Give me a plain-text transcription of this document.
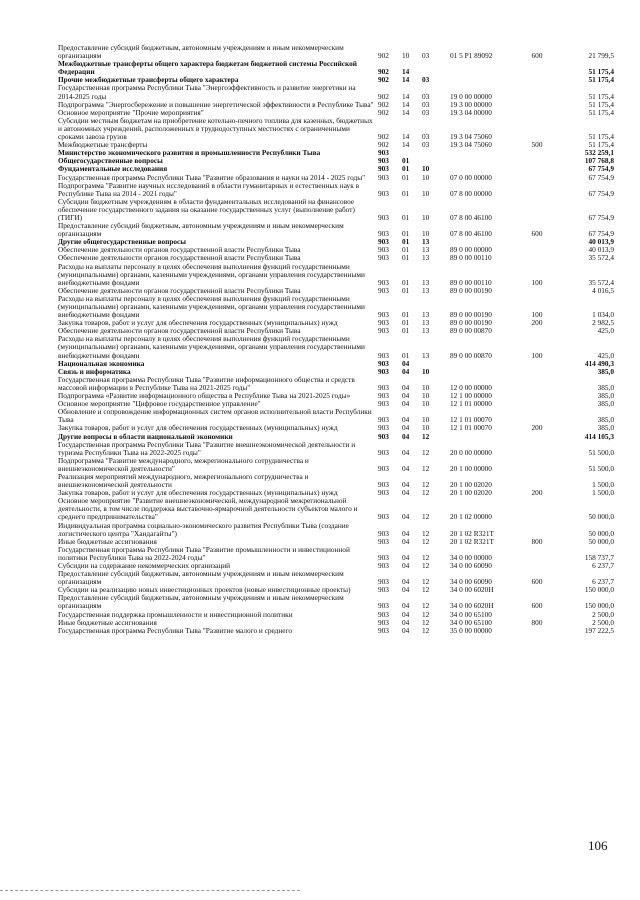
Предоставление субсидий бюджетным, автономным учреждениям и иным некоммерческим организациям	902	10	03	01 5 P1 89092	600	21 799,5
Межбюджетные трансферты общего характера бюджетам бюджетной системы Российской Федерации	902	14	51 175,4
Прочие межбюджетные трансферты общего характера	902	14	03	51 175,4
Государственная программа Республики Тыва "Энергоэффективность и развитие энергетики на 2014-2025 годы	902	14	03	19 0 00 00000	51 175,4
Подпрограмма "Энергосбережение и повышение энергетической эффективности в Республике Тыва" 902	14	03	19 3 00 00000	51 175,4
Основное мероприятие "Прочие мероприятия"	902	14	03	19 3 04 00000	51 175,4
Субсидии местным бюджетам на приобретение котельно-печного топлива для казенных, бюджетных и автономных учреждений, расположенных в труднодоступных местностях с ограниченными сроками завоза грузов	902	14	03	19 3 04 75060	51 175,4
Межбюджетные трансферты	902	14	03	19 3 04 75060	500	51 175,4
Министерство экономического развития и промышленности Республики Тыва	903	532 259,1
Общегосударственные вопросы	903	01	107 768,8
Фундаментальные исследования	903	01	10	67 754,9
Государственная программа Республики Тыва "Развитие образования и науки на 2014 - 2025 годы"	903	01	10	07 0 00 00000	67 754,9
Подпрограмма "Развитие научных исследований в области гуманитарных и естественных наук в Республике Тыва на 2014 - 2021 годы"	903	01	10	07 8 00 00000	67 754,9
Субсидии бюджетным учреждениям в области фундаментальных исследований на финансовое обеспечение государственного задания на оказание государственных услуг (выполнение работ) (ТИГИ)	903	01	10	07 8 00 46100	67 754,9
Предоставление субсидий бюджетным, автономным учреждениям и иным некоммерческим организациям	903	01	10	07 8 00 46100	600	67 754,9
Другие общегосударственные вопросы	903	01	13	40 013,9
Обеспечение деятельности органов государственной власти Республики Тыва	903	01	13	89 0 00 00000	40 013,9
Обеспечение деятельности органов государственной власти Республики Тыва	903	01	13	89 0 00 00110	35 572,4
Расходы на выплаты персоналу в целях обеспечения выполнения функций государственными (муниципальными) органами, казенными учреждениями, органами управления государственными внебюджетными фондами	903	01	13	89 0 00 00110	100	35 572,4
Обеспечение деятельности органов государственной власти Республики Тыва	903	01	13	89 0 00 00190	4 016,5
Расходы на выплаты персоналу в целях обеспечения выполнения функций государственными (муниципальными) органами, казенными учреждениями, органами управления государственными внебюджетными фондами	903	01	13	89 0 00 00190	100	1 034,0
Закупка товаров, работ и услуг для обеспечения государственных (муниципальных) нужд	903	01	13	89 0 00 00190	200	2 982,5
Обеспечение деятельности органов государственной власти Республики Тыва	903	01	13	89 0 00 00870	425,0
Расходы на выплаты персоналу в целях обеспечения выполнения функций государственными (муниципальными) органами, казенными учреждениями, органами управления государственными внебюджетными фондами	903	01	13	89 0 00 00870	100	425,0
Национальная экономика	903	04	414 490,3
Связь и информатика	903	04	10	385,0
Государственная программа Республики Тыва "Развитие информационного общества и средств массовой информации в Республике Тыва на 2021-2025 годы"	903	04	10	12 0 00 00000	385,0
Подпрограмма «Развитие информационного общества в Республике Тыва на 2021-2025 годы»	903	04	10	12 1 00 00000	385,0
Основное мероприятие "Цифровое государственное управление"	903	04	10	12 1 01 00000	385,0
Обновление и сопровождение информационных систем органов исполнительной власти Республики Тыва	903	04	10	12 1 01 00070	385,0
Закупка товаров, работ и услуг для обеспечения государственных (муниципальных) нужд	903	04	10	12 1 01 00070	200	385,0
Другие вопросы в области национальной экономики	903	04	12	414 105,3
Государственная программа Республики Тыва "Развитие внешнеэкономической деятельности и туризма Республики Тыва на 2022-2025 годы"	903	04	12	20 0 00 00000	51 500,0
Подпрограмма "Развитие международного, межрегионального сотрудничества и внешнеэкономической деятельности"	903	04	12	20 1 00 00000	51 500,0
Реализация мероприятий международного, межрегионального сотрудничества и внешнеэкономической деятельности	903	04	12	20 1 00 02020	1 500,0
Закупка товаров, работ и услуг для обеспечения государственных (муниципальных) нужд	903	04	12	20 1 00 02020	200	1 500,0
Основное мероприятие "Развитие внешнеэкономической, международной межрегиональной деятельности, в том числе поддержка выставочно-ярмарочной деятельности субъектов малого и среднего предпринимательства"	903	04	12	20 1 02 00000	50 000,0
Индивидуальная программа социально-экономического развития Республики Тыва (создание логистического центра "Хандагайты")	903	04	12	20 1 02 R321Т	50 000,0
Иные бюджетные ассигнования	903	04	12	20 1 02 R321Т	800	50 000,0
Государственная программа Республики Тыва "Развитие промышленности и инвестиционной политики Республики Тыва на 2022-2024 годы"	903	04	12	34 0 00 00000	158 737,7
Субсидии на содержание некоммерческих организаций	903	04	12	34 0 00 60090	6 237,7
Предоставление субсидий бюджетным, автономным учреждениям и иным некоммерческим организациям	903	04	12	34 0 00 60090	600	6 237,7
Субсидии на реализацию новых инвестиционных проектов (новые инвестиционные проекты)	903	04	12	34 0 00 6020Н	150 000,0
Предоставление субсидий бюджетным, автономным учреждениям и иным некоммерческим организациям	903	04	12	34 0 00 6020Н	600	150 000,0
Государственная поддержка промышленности и инвестиционной политики	903	04	12	34 0 00 65100	2 500,0
Иные бюджетные ассигнования	903	04	12	34 0 00 65100	800	2 500,0
Государственная программа Республики Тыва "Развитие малого и среднего	903	04	12	35 0 00 00000	197 222,5
106
